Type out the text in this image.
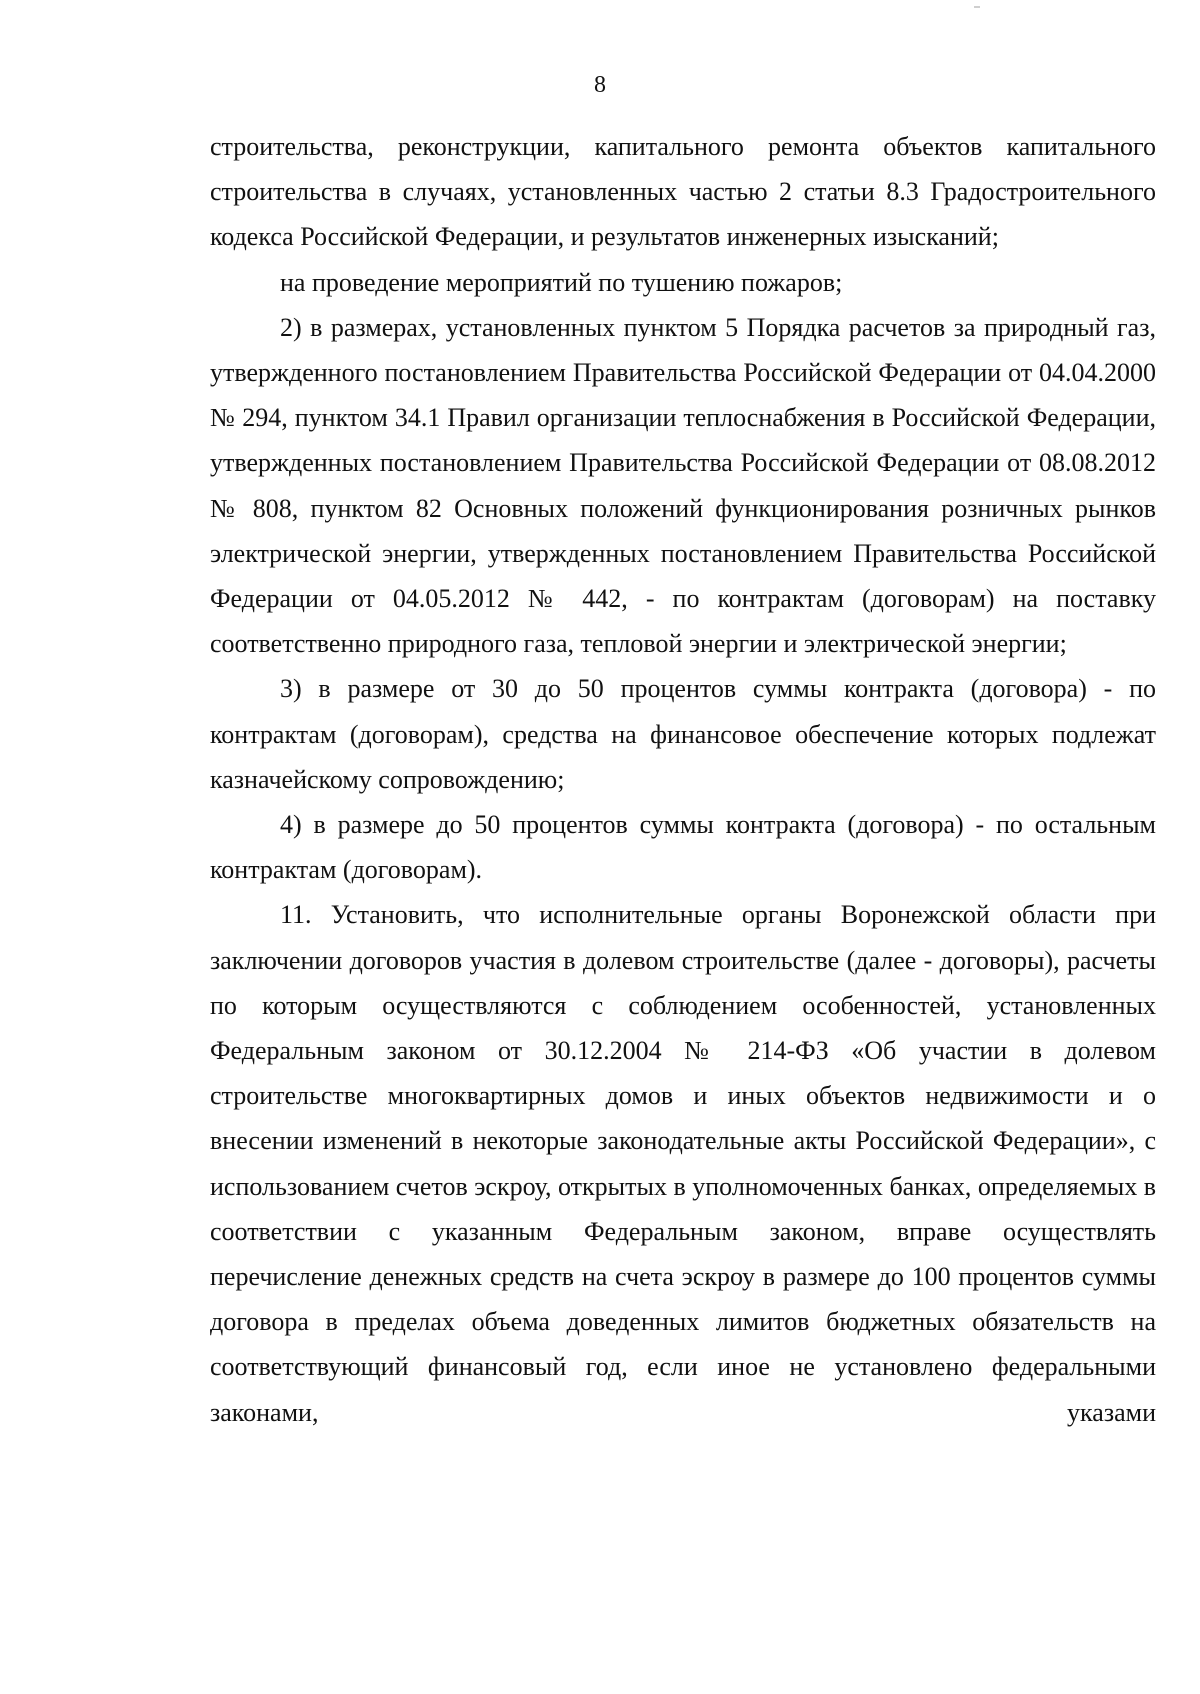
8

строительства, реконструкции, капитального ремонта объектов капитального строительства в случаях, установленных частью 2 статьи 8.3 Градостроительного кодекса Российской Федерации, и результатов инженерных изысканий;

на проведение мероприятий по тушению пожаров;

2) в размерах, установленных пунктом 5 Порядка расчетов за природный газ, утвержденного постановлением Правительства Российской Федерации от 04.04.2000 № 294, пунктом 34.1 Правил организации теплоснабжения в Российской Федерации, утвержденных постановлением Правительства Российской Федерации от 08.08.2012 № 808, пунктом 82 Основных положений функционирования розничных рынков электрической энергии, утвержденных постановлением Правительства Российской Федерации от 04.05.2012 № 442, - по контрактам (договорам) на поставку соответственно природного газа, тепловой энергии и электрической энергии;

3) в размере от 30 до 50 процентов суммы контракта (договора) - по контрактам (договорам), средства на финансовое обеспечение которых подлежат казначейскому сопровождению;

4) в размере до 50 процентов суммы контракта (договора) - по остальным контрактам (договорам).

11. Установить, что исполнительные органы Воронежской области при заключении договоров участия в долевом строительстве (далее - договоры), расчеты по которым осуществляются с соблюдением особенностей, установленных Федеральным законом от 30.12.2004 № 214-ФЗ «Об участии в долевом строительстве многоквартирных домов и иных объектов недвижимости и о внесении изменений в некоторые законодательные акты Российской Федерации», с использованием счетов эскроу, открытых в уполномоченных банках, определяемых в соответствии с указанным Федеральным законом, вправе осуществлять перечисление денежных средств на счета эскроу в размере до 100 процентов суммы договора в пределах объема доведенных лимитов бюджетных обязательств на соответствующий финансовый год, если иное не установлено федеральными законами, указами
